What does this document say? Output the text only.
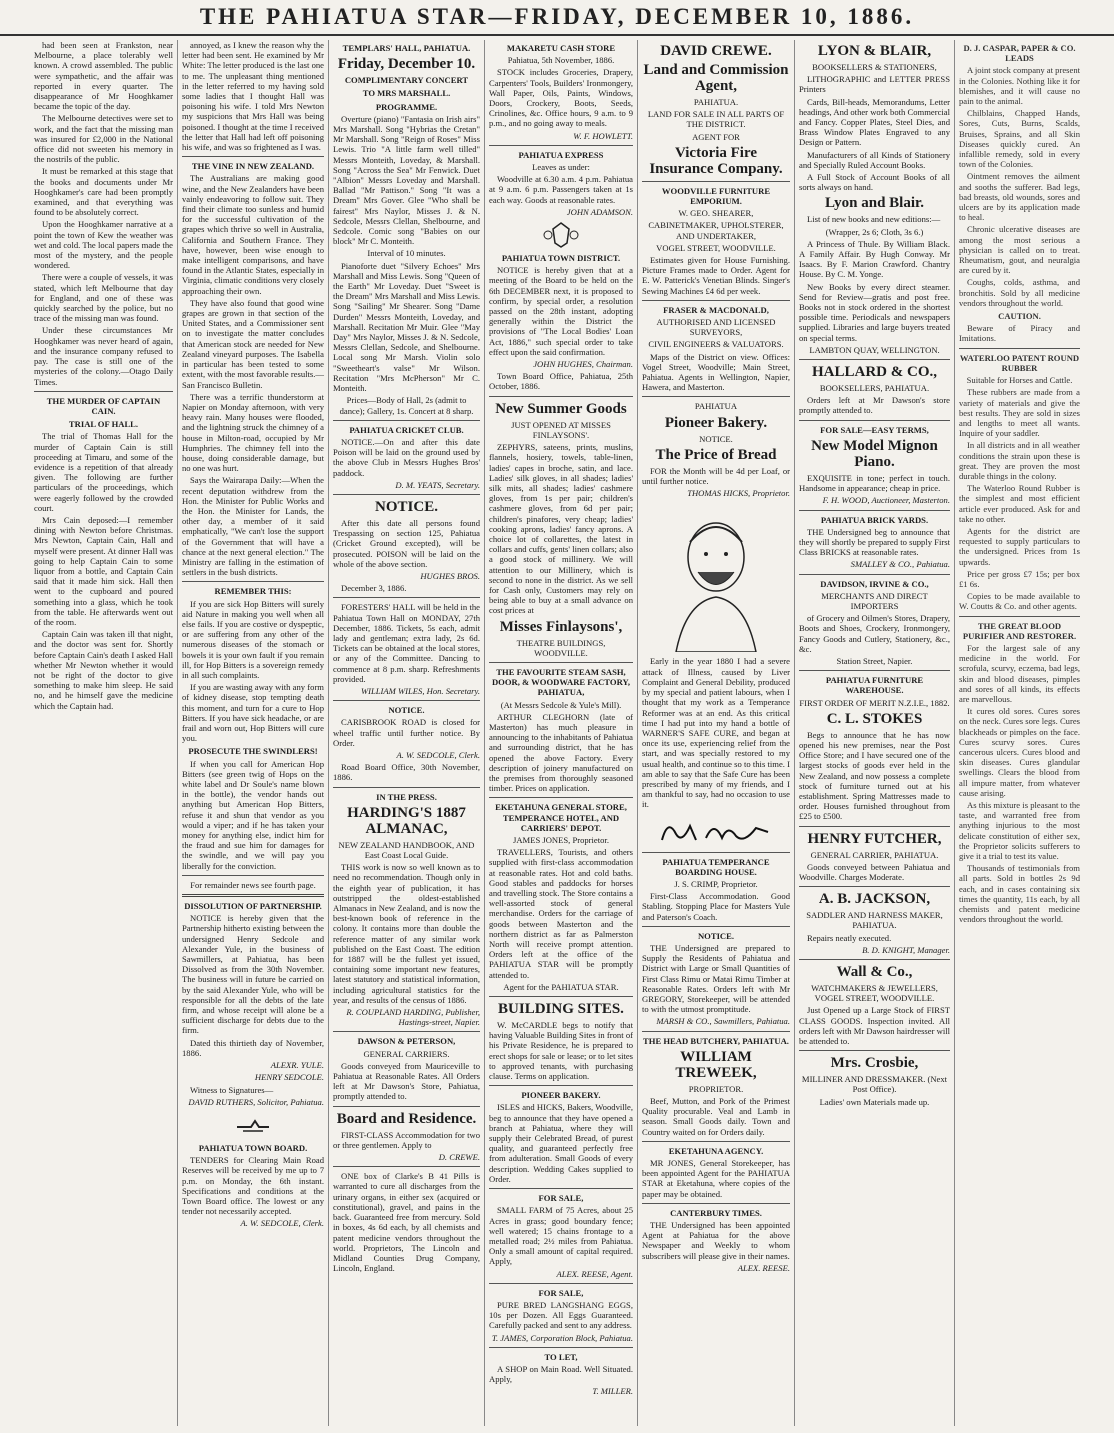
THE PAHIATUA STAR—FRIDAY, DECEMBER 10, 1886.

had been seen at Frankston, near Melbourne, a place tolerably well known. A crowd assembled. The public were sympathetic, and the affair was reported in every quarter. The disappearance of Mr Hooghkamer became the topic of the day.

The Melbourne detectives were set to work, and the fact that the missing man was insured for £2,000 in the National office did not sweeten his memory in the nostrils of the public.

It must be remarked at this stage that the books and documents under Mr Hooghkamer's care had been promptly examined, and that everything was found to be absolutely correct.

Upon the Hooghkamer narrative at a point the town of Kew the weather was wet and cold. The local papers made the most of the mystery, and the people wondered.

There were a couple of vessels, it was stated, which left Melbourne that day for England, and one of these was quickly searched by the police, but no trace of the missing man was found.

Under these circumstances Mr Hooghkamer was never heard of again, and the insurance company refused to pay. The case is still one of the mysteries of the colony.—Otago Daily Times.

THE MURDER OF CAPTAIN CAIN.
TRIAL OF HALL.

The trial of Thomas Hall for the murder of Captain Cain is still proceeding at Timaru, and some of the evidence is a repetition of that already given. The following are further particulars of the proceedings, which were eagerly followed by the crowded court.

Mrs Cain deposed:—I remember dining with Newton before Christmas. Mrs Newton, Captain Cain, Hall and myself were present. At dinner Hall was going to help Captain Cain to some liquor from a bottle, and Captain Cain said that it made him sick. Hall then went to the cupboard and poured something into a glass, which he took from the table. He afterwards went out of the room.

Captain Cain was taken ill that night, and the doctor was sent for. Shortly before Captain Cain's death I asked Hall whether Mr Newton whether it would not be right of the doctor to give something to make him sleep. He said no, and he himself gave the medicine which the Captain had.

annoyed, as I knew the reason why the letter had been sent. He examined by Mr White: The letter produced is the last one to me. The unpleasant thing mentioned in the letter referred to my having sold some ladies that I thought Hall was poisoning his wife. I told Mrs Newton my suspicions that Mrs Hall was being poisoned. I thought at the time I received the letter that Hall had left off poisoning his wife, and was so frightened as I was.

THE VINE IN NEW ZEALAND.

The Australians are making good wine, and the New Zealanders have been vainly endeavoring to follow suit. They find their climate too sunless and humid for the successful cultivation of the grapes which thrive so well in Australia, California and Southern France. They have, however, been wise enough to make intelligent comparisons, and have found in the Atlantic States, especially in Virginia, climatic conditions very closely approaching their own.

They have also found that good wine grapes are grown in that section of the United States, and a Commissioner sent on to investigate the matter concludes that American stock are needed for New Zealand vineyard purposes. The Isabella in particular has been tested to some extent, with the most favorable results.—San Francisco Bulletin.

There was a terrific thunderstorm at Napier on Monday afternoon, with very heavy rain. Many houses were flooded, and the lightning struck the chimney of a house in Milton-road, occupied by Mr Humphries. The chimney fell into the house, doing considerable damage, but no one was hurt.

Says the Wairarapa Daily:—When the recent deputation withdrew from the Hon. the Minister for Public Works and the Hon. the Minister for Lands, the other day, a member of it said emphatically, "We can't lose the support of the Government that will have a chance at the next general election." The Ministry are falling in the estimation of settlers in the bush districts.

REMEMBER THIS:

If you are sick Hop Bitters will surely aid Nature in making you well when all else fails. If you are costive or dyspeptic, or are suffering from any other of the numerous diseases of the stomach or bowels it is your own fault if you remain ill, for Hop Bitters is a sovereign remedy in all such complaints.

If you are wasting away with any form of kidney disease, stop tempting death this moment, and turn for a cure to Hop Bitters. If you have sick headache, or are frail and worn out, Hop Bitters will cure you.

PROSECUTE THE SWINDLERS!

If when you call for American Hop Bitters (see green twig of Hops on the white label and Dr Soule's name blown in the bottle), the vendor hands out anything but American Hop Bitters, refuse it and shun that vendor as you would a viper; and if he has taken your money for anything else, indict him for the fraud and sue him for damages for the swindle, and we will pay you liberally for the conviction.

For remainder news see fourth page.

DISSOLUTION OF PARTNERSHIP.

NOTICE is hereby given that the Partnership hitherto existing between the undersigned Henry Sedcole and Alexander Yule, in the business of Sawmillers, at Pahiatua, has been Dissolved as from the 30th November. The business will in future be carried on by the said Alexander Yule, who will be responsible for all the debts of the late firm, and whose receipt will alone be a sufficient discharge for debts due to the firm.

Dated this thirtieth day of November, 1886.

ALEXR. YULE.

HENRY SEDCOLE.

Witness to Signatures—

DAVID RUTHERS, Solicitor, Pahiatua.

PAHIATUA TOWN BOARD.

TENDERS for Clearing Main Road Reserves will be received by me up to 7 p.m. on Monday, the 6th instant. Specifications and conditions at the Town Board office. The lowest or any tender not necessarily accepted.

A. W. SEDCOLE, Clerk.

TEMPLARS' HALL, PAHIATUA.
Friday, December 10.
COMPLIMENTARY CONCERT
TO MRS MARSHALL.
PROGRAMME.

Overture (piano) "Fantasia on Irish airs" Mrs Marshall. Song "Hybrias the Cretan" Mr Marshall. Song "Reign of Roses" Miss Lewis. Trio "A little farm well tilled" Messrs Monteith, Loveday, & Marshall. Song "Across the Sea" Mr Fenwick. Duet "Albion" Messrs Loveday and Marshall. Ballad "Mr Pattison." Song "It was a Dream" Mrs Gover. Glee "Who shall be fairest" Mrs Naylor, Misses J. & N. Sedcole, Messrs Clellan, Shelbourne, and Sedcole. Comic song "Babies on our block" Mr C. Monteith.

Interval of 10 minutes.

Pianoforte duet "Silvery Echoes" Mrs Marshall and Miss Lewis. Song "Queen of the Earth" Mr Loveday. Duet "Sweet is the Dream" Mrs Marshall and Miss Lewis. Song "Sailing" Mr Shearer. Song "Dame Durden" Messrs Monteith, Loveday, and Marshall. Recitation Mr Muir. Glee "May Day" Mrs Naylor, Misses J. & N. Sedcole, Messrs Clellan, Sedcole, and Shelbourne. Local song Mr Marsh. Violin solo "Sweetheart's valse" Mr Wilson. Recitation "Mrs McPherson" Mr C. Monteith.

Prices—Body of Hall, 2s (admit to dance); Gallery, 1s. Concert at 8 sharp.

PAHIATUA CRICKET CLUB.

NOTICE.—On and after this date Poison will be laid on the ground used by the above Club in Messrs Hughes Bros' paddock.

D. M. YEATS, Secretary.

NOTICE.

After this date all persons found Trespassing on section 125, Pahiatua (Cricket Ground excepted), will be prosecuted. POISON will be laid on the whole of the above section.

HUGHES BROS.

December 3, 1886.

FORESTERS' HALL will be held in the Pahiatua Town Hall on MONDAY, 27th December, 1886. Tickets, 5s each, admit lady and gentleman; extra lady, 2s 6d. Tickets can be obtained at the local stores, or any of the Committee. Dancing to commence at 8 p.m. sharp. Refreshments provided.

WILLIAM WILES, Hon. Secretary.

NOTICE.

CARISBROOK ROAD is closed for wheel traffic until further notice. By Order.

A. W. SEDCOLE, Clerk.

Road Board Office, 30th November, 1886.

IN THE PRESS.
HARDING'S 1887 ALMANAC,

NEW ZEALAND HANDBOOK, AND East Coast Local Guide.

THIS work is now so well known as to need no recommendation. Though only in the eighth year of publication, it has outstripped the oldest-established Almanacs in New Zealand, and is now the best-known book of reference in the colony. It contains more than double the reference matter of any similar work published on the East Coast. The edition for 1887 will be the fullest yet issued, containing some important new features, latest statutory and statistical information, including agricultural statistics for the year, and results of the census of 1886.

R. COUPLAND HARDING, Publisher, Hastings-street, Napier.

DAWSON & PETERSON,

GENERAL CARRIERS.

Goods conveyed from Mauriceville to Pahiatua at Reasonable Rates. All Orders left at Mr Dawson's Store, Pahiatua, promptly attended to.

Board and Residence.

FIRST-CLASS Accommodation for two or three gentlemen. Apply to

D. CREWE.

ONE box of Clarke's B 41 Pills is warranted to cure all discharges from the urinary organs, in either sex (acquired or constitutional), gravel, and pains in the back. Guaranteed free from mercury. Sold in boxes, 4s 6d each, by all chemists and patent medicine vendors throughout the world. Proprietors, The Lincoln and Midland Counties Drug Company, Lincoln, England.

MAKARETU CASH STORE

Pahiatua, 5th November, 1886.

STOCK includes Groceries, Drapery, Carpenters' Tools, Builders' Ironmongery, Wall Paper, Oils, Paints, Windows, Doors, Crockery, Boots, Seeds, Crinolines, &c. Office hours, 9 a.m. to 9 p.m., and no going away to meals.

W. F. HOWLETT.

PAHIATUA EXPRESS

Leaves as under:

Woodville at 6.30 a.m. 4 p.m. Pahiatua at 9 a.m. 6 p.m. Passengers taken at 1s each way. Goods at reasonable rates.

JOHN ADAMSON.

PAHIATUA TOWN DISTRICT.

NOTICE is hereby given that at a meeting of the Board to be held on the 6th DECEMBER next, it is proposed to confirm, by special order, a resolution passed on the 28th instant, adopting generally within the District the provisions of "The Local Bodies' Loan Act, 1886," such special order to take effect upon the said confirmation.

JOHN HUGHES, Chairman.

Town Board Office, Pahiatua, 25th October, 1886.

New Summer Goods

JUST OPENED AT MISSES FINLAYSONS'.

ZEPHYRS, sateens, prints, muslins, flannels, hosiery, towels, table-linen, ladies' capes in broche, satin, and lace. Ladies' silk gloves, in all shades; ladies' silk mits, all shades; ladies' cashmere gloves, from 1s per pair; children's cashmere gloves, from 6d per pair; children's pinafores, very cheap; ladies' cooking aprons, ladies' fancy aprons. A choice lot of collarettes, the latest in collars and cuffs, gents' linen collars; also a good stock of millinery. We will attention to our Millinery, which is second to none in the district. As we sell for Cash only, Customers may rely on being able to buy at a small advance on cost prices at

Misses Finlaysons',

THEATRE BUILDINGS, WOODVILLE.

THE FAVOURITE STEAM SASH, DOOR, & WOODWARE FACTORY, PAHIATUA,

(At Messrs Sedcole & Yule's Mill).

ARTHUR CLEGHORN (late of Masterton) has much pleasure in announcing to the inhabitants of Pahiatua and surrounding district, that he has opened the above Factory. Every description of joinery manufactured on the premises from thoroughly seasoned timber. Prices on application.

EKETAHUNA GENERAL STORE, TEMPERANCE HOTEL, AND CARRIERS' DEPOT.

JAMES JONES, Proprietor.

TRAVELLERS, Tourists, and others supplied with first-class accommodation at reasonable rates. Hot and cold baths. Good stables and paddocks for horses and travelling stock. The Store contains a well-assorted stock of general merchandise. Orders for the carriage of goods between Masterton and the northern district as far as Palmerston North will receive prompt attention. Orders left at the office of the PAHIATUA STAR will be promptly attended to.

Agent for the PAHIATUA STAR.

BUILDING SITES.

W. McCARDLE begs to notify that having Valuable Building Sites in front of his Private Residence, he is prepared to erect shops for sale or lease; or to let sites to approved tenants, with purchasing clause. Terms on application.

PIONEER BAKERY.

ISLES and HICKS, Bakers, Woodville, beg to announce that they have opened a branch at Pahiatua, where they will supply their Celebrated Bread, of purest quality, and guaranteed perfectly free from adulteration. Small Goods of every description. Wedding Cakes supplied to Order.

FOR SALE,

SMALL FARM of 75 Acres, about 25 Acres in grass; good boundary fence; well watered; 15 chains frontage to a metalled road; 2½ miles from Pahiatua. Only a small amount of capital required. Apply,

ALEX. REESE, Agent.

FOR SALE,

PURE BRED LANGSHANG EGGS, 10s per Dozen. All Eggs Guaranteed. Carefully packed and sent to any address.

T. JAMES, Corporation Block, Pahiatua.

TO LET,

A SHOP on Main Road. Well Situated. Apply,

T. MILLER.

DAVID CREWE.
Land and Commission Agent,

PAHIATUA.

LAND FOR SALE IN ALL PARTS OF THE DISTRICT.

AGENT FOR

Victoria Fire Insurance Company.
WOODVILLE FURNITURE EMPORIUM.

W. GEO. SHEARER,

CABINETMAKER, UPHOLSTERER, AND UNDERTAKER,

VOGEL STREET, WOODVILLE.

Estimates given for House Furnishing. Picture Frames made to Order. Agent for E. W. Patterick's Venetian Blinds. Singer's Sewing Machines £4 6d per week.

FRASER & MACDONALD,

AUTHORISED AND LICENSED SURVEYORS,

CIVIL ENGINEERS & VALUATORS.

Maps of the District on view. Offices: Vogel Street, Woodville; Main Street, Pahiatua. Agents in Wellington, Napier, Hawera, and Masterton.

PAHIATUA

Pioneer Bakery.

NOTICE.

The Price of Bread

FOR the Month will be 4d per Loaf, or until further notice.

THOMAS HICKS, Proprietor.

Early in the year 1880 I had a severe attack of Illness, caused by Liver Complaint and General Debility, produced by my special and patient labours, when I thought that my work as a Temperance Reformer was at an end. As this critical time I had put into my hand a bottle of WARNER'S SAFE CURE, and began at once its use, experiencing relief from the start, and was specially restored to my usual health, and continue so to this time. I am able to say that the Safe Cure has been prescribed by many of my friends, and I am thankful to say, had no occasion to use it.

PAHIATUA TEMPERANCE BOARDING HOUSE.

J. S. CRIMP, Proprietor.

First-Class Accommodation. Good Stabling. Stopping Place for Masters Yule and Paterson's Coach.

NOTICE.

THE Undersigned are prepared to Supply the Residents of Pahiatua and District with Large or Small Quantities of First Class Rimu or Matai Rimu Timber at Reasonable Rates. Orders left with Mr GREGORY, Storekeeper, will be attended to with the utmost promptitude.

MARSH & CO., Sawmillers, Pahiatua.

THE HEAD BUTCHERY, PAHIATUA.
WILLIAM TREWEEK,

PROPRIETOR.

Beef, Mutton, and Pork of the Primest Quality procurable. Veal and Lamb in season. Small Goods daily. Town and Country waited on for Orders daily.

EKETAHUNA AGENCY.

MR JONES, General Storekeeper, has been appointed Agent for the PAHIATUA STAR at Eketahuna, where copies of the paper may be obtained.

CANTERBURY TIMES.

THE Undersigned has been appointed Agent at Pahiatua for the above Newspaper and Weekly to whom subscribers will please give in their names.

ALEX. REESE.

LYON & BLAIR,

BOOKSELLERS & STATIONERS,

LITHOGRAPHIC and LETTER PRESS Printers

Cards, Bill-heads, Memorandums, Letter headings, And other work both Commercial and Fancy. Copper Plates, Steel Dies, and Brass Window Plates Engraved to any Design or Pattern.

Manufacturers of all Kinds of Stationery and Specially Ruled Account Books.

A Full Stock of Account Books of all sorts always on hand.

Lyon and Blair.

List of new books and new editions:—

(Wrapper, 2s 6; Cloth, 3s 6.)

A Princess of Thule. By William Black. A Family Affair. By Hugh Conway. Mr Isaacs. By F. Marion Crawford. Chantry House. By C. M. Yonge.

New Books by every direct steamer. Send for Review—gratis and post free. Books not in stock ordered in the shortest possible time. Periodicals and newspapers supplied. Libraries and large buyers treated on special terms.

LAMBTON QUAY, WELLINGTON.

HALLARD & CO.,

BOOKSELLERS, PAHIATUA.

Orders left at Mr Dawson's store promptly attended to.

FOR SALE—EASY TERMS,
New Model Mignon Piano.

EXQUISITE in tone; perfect in touch. Handsome in appearance; cheap in price.

F. H. WOOD, Auctioneer, Masterton.

PAHIATUA BRICK YARDS.

THE Undersigned beg to announce that they will shortly be prepared to supply First Class BRICKS at reasonable rates.

SMALLEY & CO., Pahiatua.

DAVIDSON, IRVINE & CO.,

MERCHANTS AND DIRECT IMPORTERS

of Grocery and Oilmen's Stores, Drapery, Boots and Shoes, Crockery, Ironmongery, Fancy Goods and Cutlery, Stationery, &c., &c.

Station Street, Napier.

PAHIATUA FURNITURE WAREHOUSE.

FIRST ORDER OF MERIT N.Z.I.E., 1882.

C. L. STOKES

Begs to announce that he has now opened his new premises, near the Post Office Store; and I have secured one of the largest stocks of goods ever held in the New Zealand, and now possess a complete stock of furniture turned out at his establishment. Spring Mattresses made to order. Houses furnished throughout from £25 to £500.

HENRY FUTCHER,

GENERAL CARRIER, PAHIATUA.

Goods conveyed between Pahiatua and Woodville. Charges Moderate.

A. B. JACKSON,

SADDLER AND HARNESS MAKER, PAHIATUA.

Repairs neatly executed.

B. D. KNIGHT, Manager.

Wall & Co.,

WATCHMAKERS & JEWELLERS, VOGEL STREET, WOODVILLE.

Just Opened up a Large Stock of FIRST CLASS GOODS. Inspection invited. All orders left with Mr Dawson hairdresser will be attended to.

Mrs. Crosbie,

MILLINER AND DRESSMAKER. (Next Post Office).

Ladies' own Materials made up.

D. J. CASPAR, PAPER & CO. LEADS

A joint stock company at present in the Colonies. Nothing like it for blemishes, and it will cause no pain to the animal.

Chilblains, Chapped Hands, Sores, Cuts, Burns, Scalds, Bruises, Sprains, and all Skin Diseases quickly cured. An infallible remedy, sold in every town of the Colonies.

Ointment removes the ailment and sooths the sufferer. Bad legs, bad breasts, old wounds, sores and ulcers are by its application made to heal.

Chronic ulcerative diseases are among the most serious a physician is called on to treat. Rheumatism, gout, and neuralgia are cured by it.

Coughs, colds, asthma, and bronchitis. Sold by all medicine vendors throughout the world.

CAUTION.

Beware of Piracy and Imitations.

WATERLOO PATENT ROUND RUBBER

Suitable for Horses and Cattle.

These rubbers are made from a variety of materials and give the best results. They are sold in sizes and lengths to meet all wants. Inquire of your saddler.

In all districts and in all weather conditions the strain upon these is great. They are proven the most durable things in the colony.

The Waterloo Round Rubber is the simplest and most efficient article ever produced. Ask for and take no other.

Agents for the district are requested to supply particulars to the undersigned. Prices from 1s upwards.

Price per gross £7 15s; per box £1 6s.

Copies to be made available to W. Coutts & Co. and other agents.

THE GREAT BLOOD PURIFIER AND RESTORER.

For the largest sale of any medicine in the world. For scrofula, scurvy, eczema, bad legs, skin and blood diseases, pimples and sores of all kinds, its effects are marvellous.

It cures old sores. Cures sores on the neck. Cures sore legs. Cures blackheads or pimples on the face. Cures scurvy sores. Cures cancerous ulcers. Cures blood and skin diseases. Cures glandular swellings. Clears the blood from all impure matter, from whatever cause arising.

As this mixture is pleasant to the taste, and warranted free from anything injurious to the most delicate constitution of either sex, the Proprietor solicits sufferers to give it a trial to test its value.

Thousands of testimonials from all parts. Sold in bottles 2s 9d each, and in cases containing six times the quantity, 11s each, by all chemists and patent medicine vendors throughout the world.
